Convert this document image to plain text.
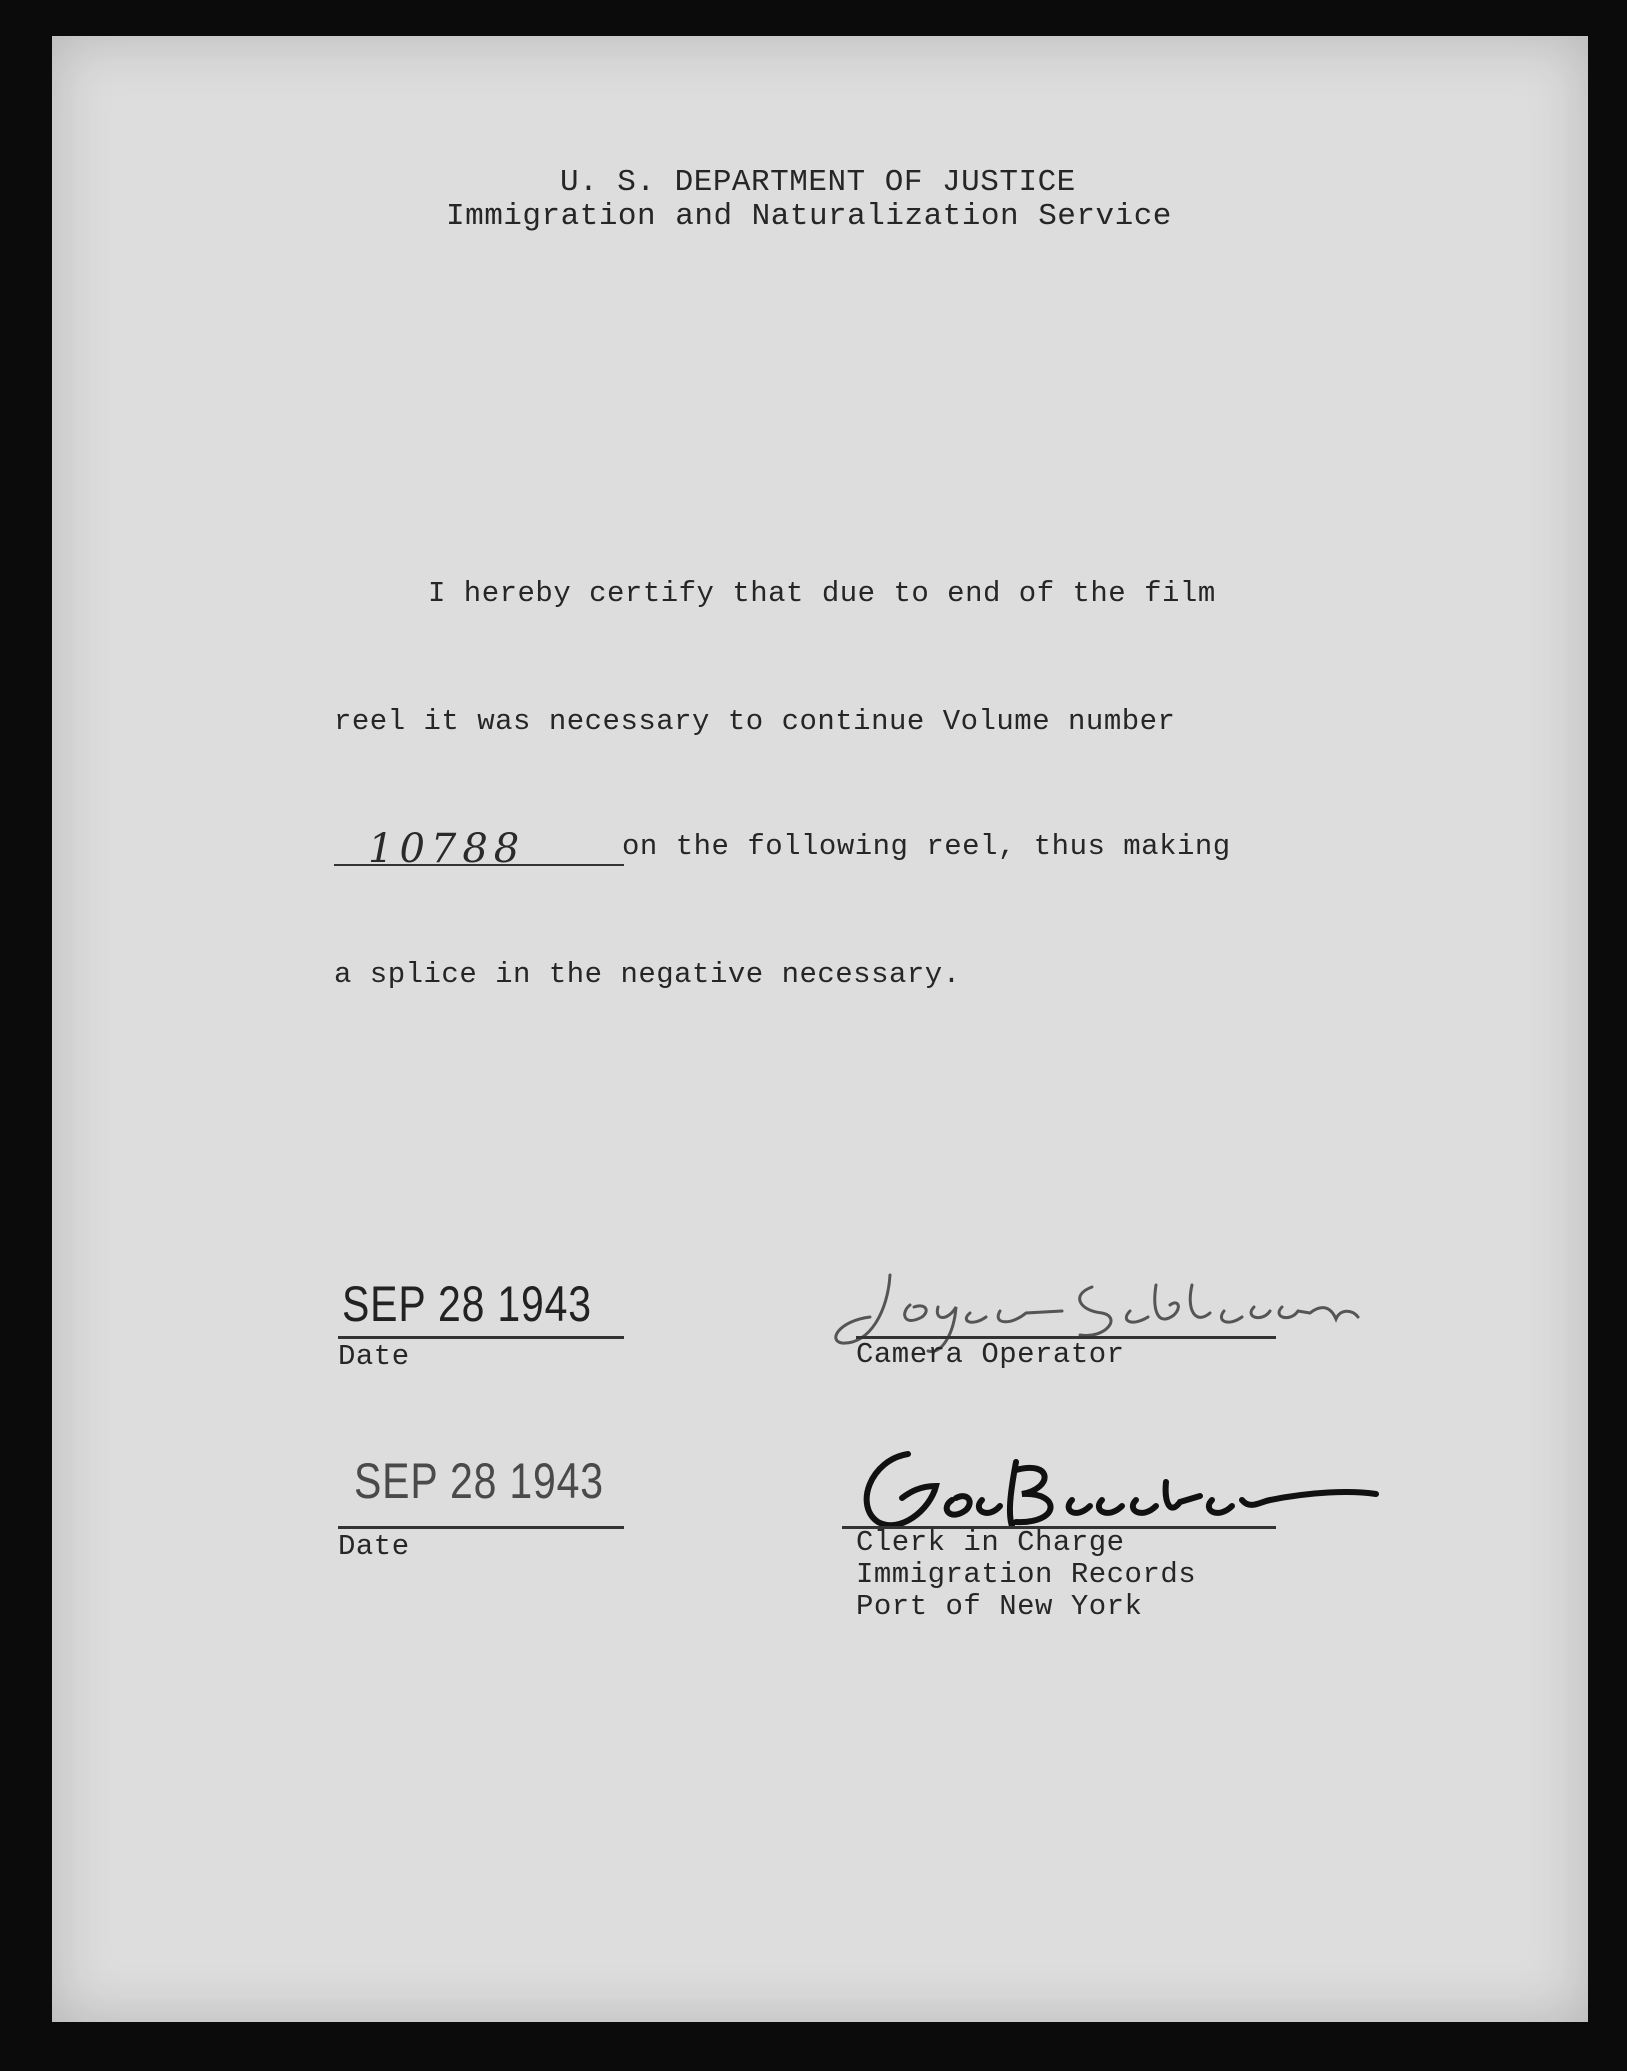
U. S. DEPARTMENT OF JUSTICE
Immigration and Naturalization Service
I hereby certify that due to end of the film
reel it was necessary to continue Volume number
10788	on the following reel, thus making
a splice in the negative necessary.
SEP 28 1943
Date	Camera Operator
SEP 28 1943
Date	Clerk in Charge
Immigration Records
Port of New York
